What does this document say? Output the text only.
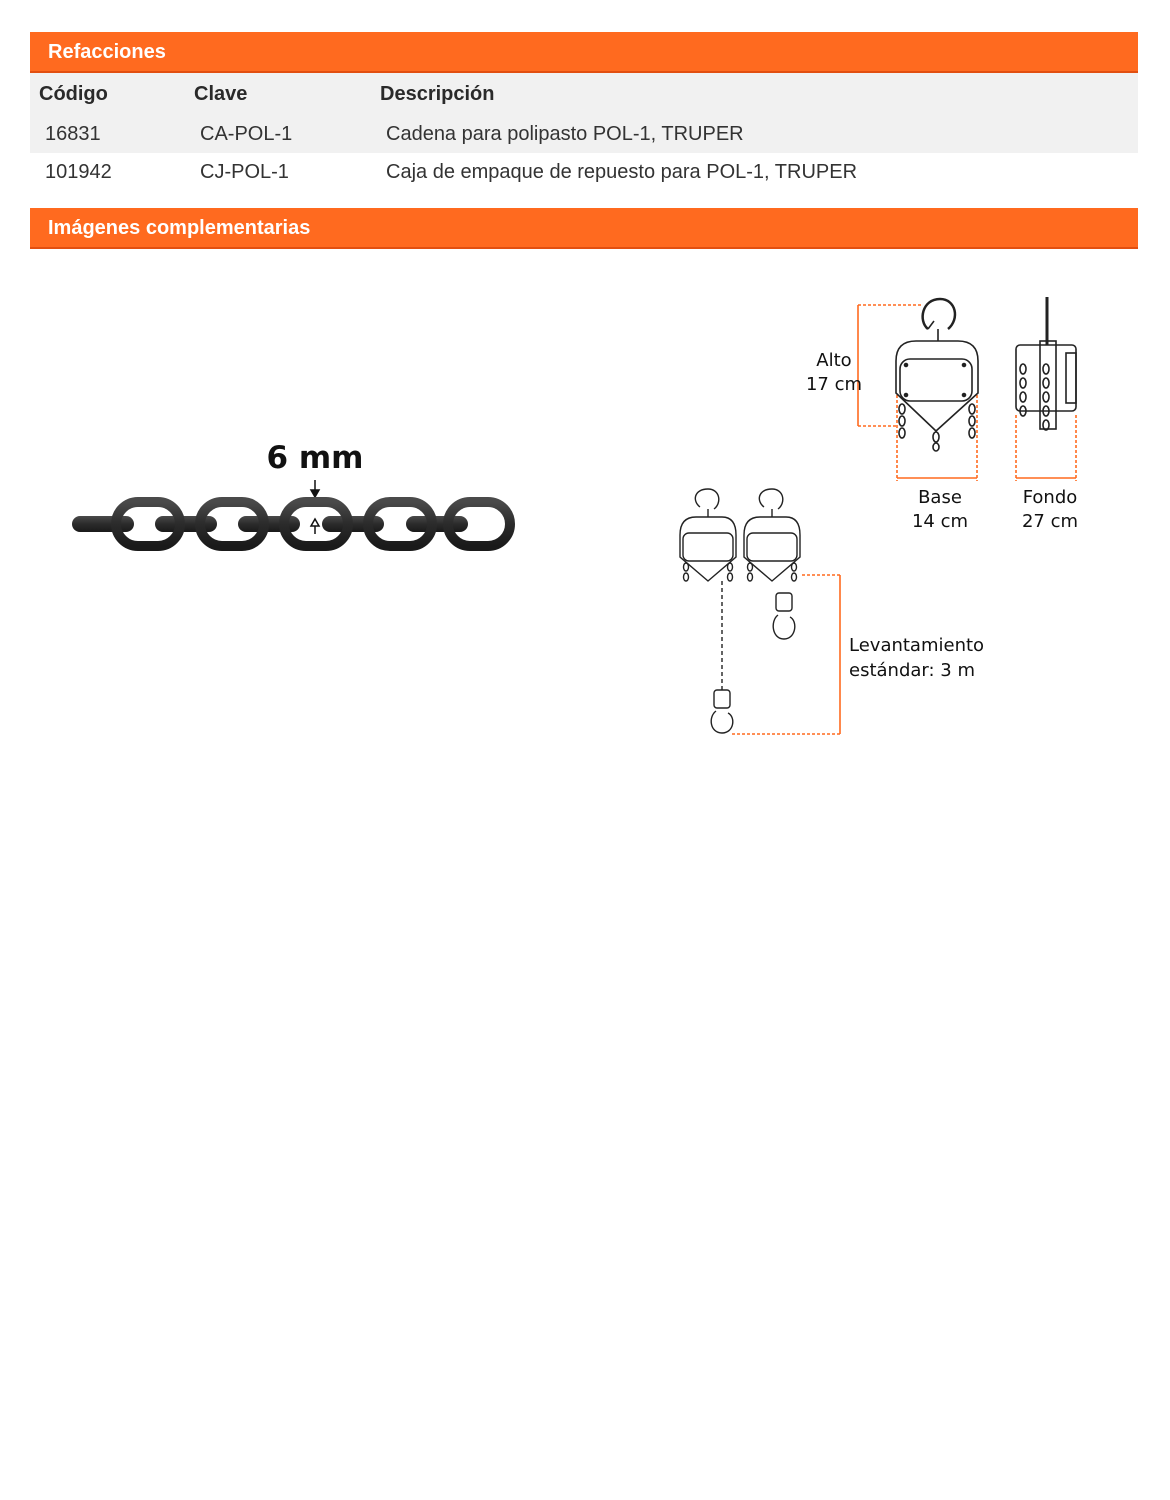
Refacciones
Código	Clave	Descripción
16831	CA-POL-1	Cadena para polipasto POL-1, TRUPER
101942	CJ-POL-1	Caja de empaque de repuesto para POL-1, TRUPER
Imágenes complementarias
6 mm
Alto
17 cm
Base
14 cm
Fondo
27 cm
Levantamiento
estándar: 3 m
